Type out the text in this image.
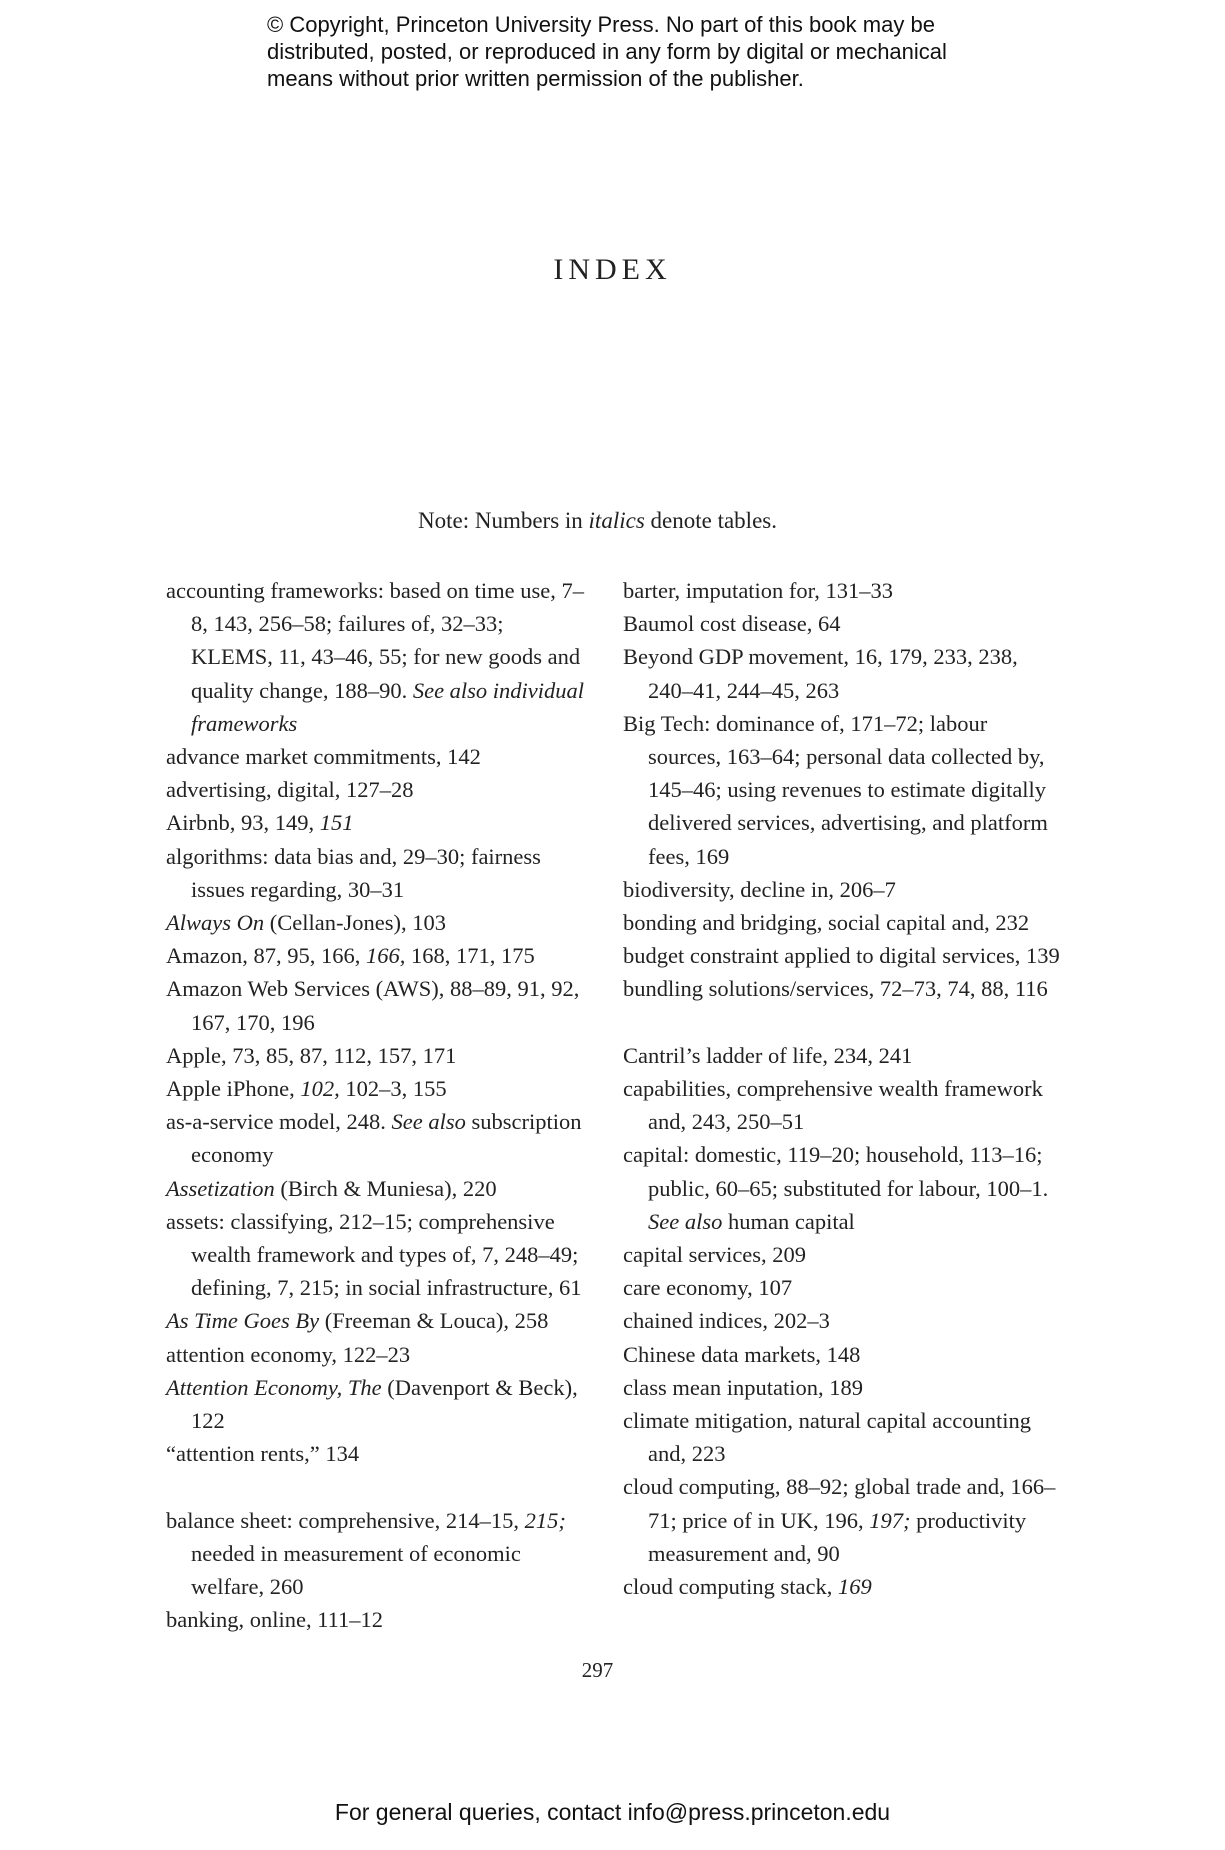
© Copyright, Princeton University Press. No part of this book may be
distributed, posted, or reproduced in any form by digital or mechanical
means without prior written permission of the publisher.
INDEX
Note: Numbers in italics denote tables.
accounting frameworks: based on time use, 7–8, 143, 256–58; failures of, 32–33; KLEMS, 11, 43–46, 55; for new goods and quality change, 188–90. See also individual frameworks
advance market commitments, 142
advertising, digital, 127–28
Airbnb, 93, 149, 151
algorithms: data bias and, 29–30; fairness issues regarding, 30–31
Always On (Cellan-Jones), 103
Amazon, 87, 95, 166, 166, 168, 171, 175
Amazon Web Services (AWS), 88–89, 91, 92, 167, 170, 196
Apple, 73, 85, 87, 112, 157, 171
Apple iPhone, 102, 102–3, 155
as-a-service model, 248. See also subscription economy
Assetization (Birch & Muniesa), 220
assets: classifying, 212–15; comprehensive wealth framework and types of, 7, 248–49; defining, 7, 215; in social infrastructure, 61
As Time Goes By (Freeman & Louca), 258
attention economy, 122–23
Attention Economy, The (Davenport & Beck), 122
“attention rents,” 134
balance sheet: comprehensive, 214–15, 215; needed in measurement of economic welfare, 260
banking, online, 111–12
barter, imputation for, 131–33
Baumol cost disease, 64
Beyond GDP movement, 16, 179, 233, 238, 240–41, 244–45, 263
Big Tech: dominance of, 171–72; labour sources, 163–64; personal data collected by, 145–46; using revenues to estimate digitally delivered services, advertising, and platform fees, 169
biodiversity, decline in, 206–7
bonding and bridging, social capital and, 232
budget constraint applied to digital services, 139
bundling solutions/services, 72–73, 74, 88, 116
Cantril’s ladder of life, 234, 241
capabilities, comprehensive wealth framework and, 243, 250–51
capital: domestic, 119–20; household, 113–16; public, 60–65; substituted for labour, 100–1. See also human capital
capital services, 209
care economy, 107
chained indices, 202–3
Chinese data markets, 148
class mean inputation, 189
climate mitigation, natural capital accounting and, 223
cloud computing, 88–92; global trade and, 166–71; price of in UK, 196, 197; productivity measurement and, 90
cloud computing stack, 169
297
For general queries, contact info@press.princeton.edu
